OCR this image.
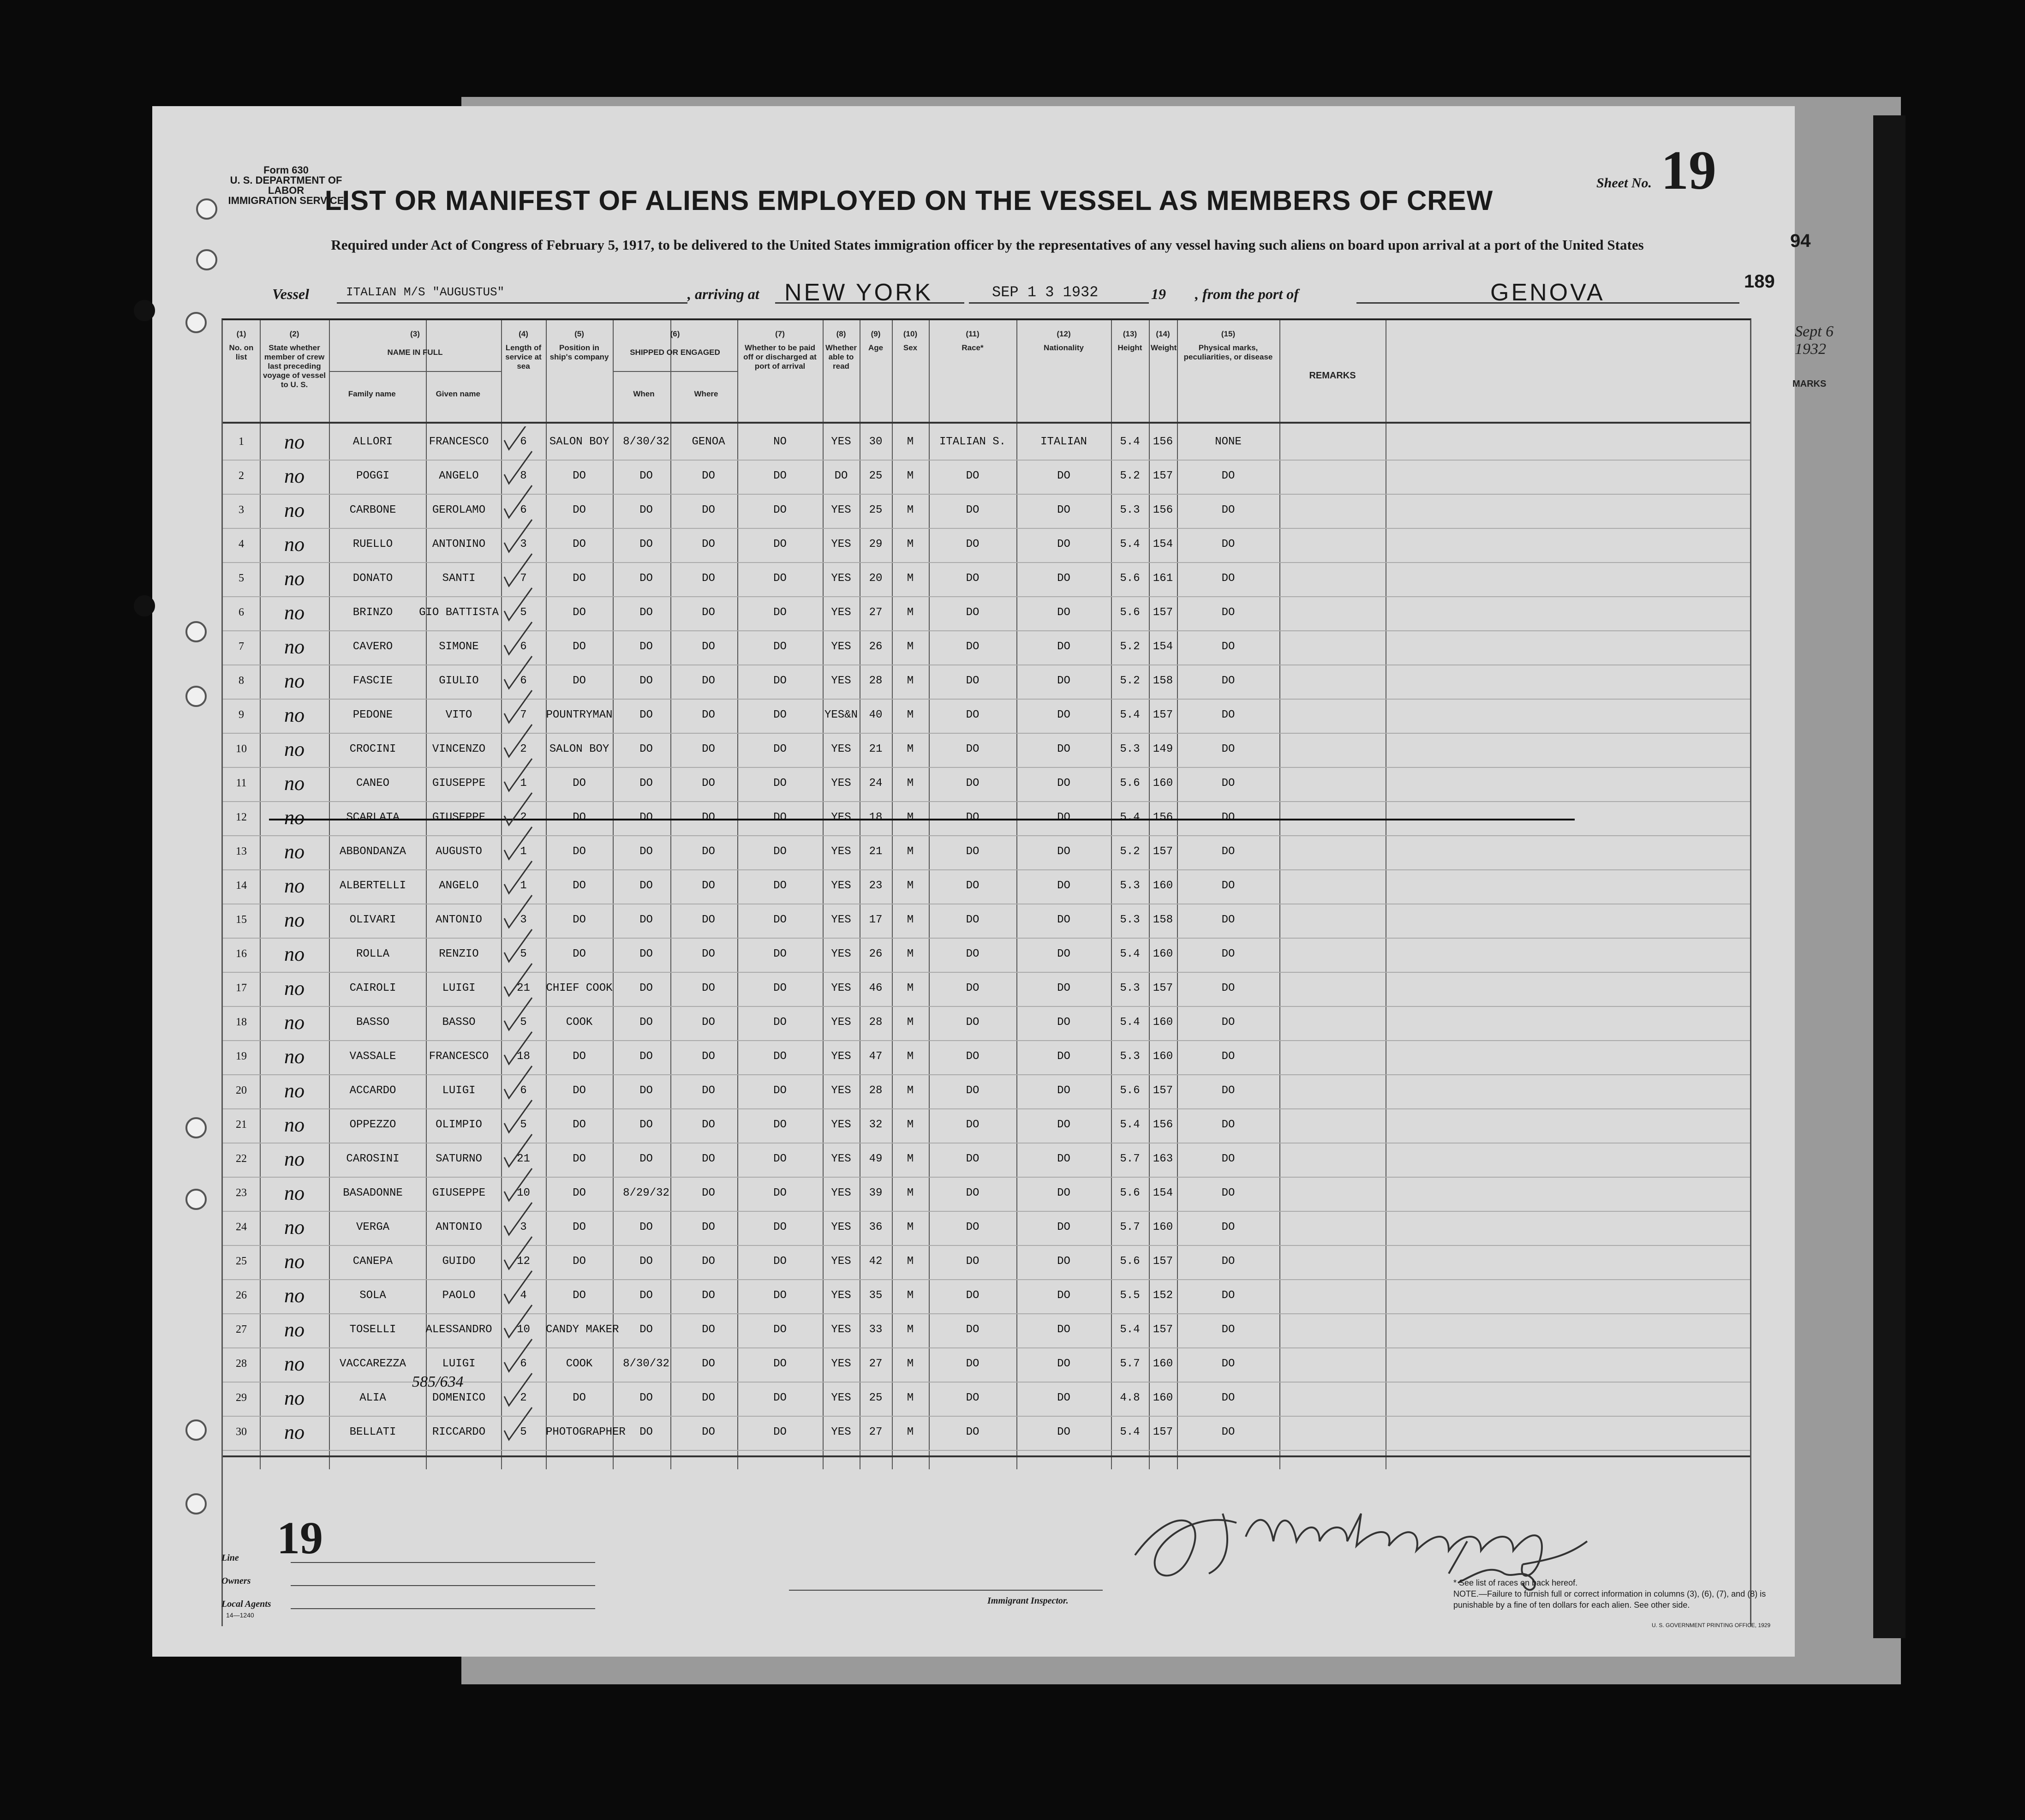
Form 630
U. S. DEPARTMENT OF LABOR
IMMIGRATION SERVICE
Sheet No. 19
LIST OR MANIFEST OF ALIENS EMPLOYED ON THE VESSEL AS MEMBERS OF CREW
Required under Act of Congress of February 5, 1917, to be delivered to the United States immigration officer by the representatives of any vessel having such aliens on board upon arrival at a port of the United States
Vessel	ITALIAN M/S "AUGUSTUS"	, arriving at NEW YORK	SEP 1 3 1932	19 , from the port of	GENOVA
94
189
Sept 6 1932
MARKS
(1)
No. on list
(2)
State whether member of crew last preceding voyage of vessel to U. S.
(3)
NAME IN FULL
Family name	Given name
(4)
Length of service at sea
(5)
Position in ship's company
(6)
SHIPPED OR ENGAGED
When	Where
(7)
Whether to be paid off or discharged at port of arrival
(8)
Whether able to read
(9)
Age
(10)
Sex
(11)
Race*
(12)
Nationality
(13)
Height
(14)
Weight
(15)
Physical marks, peculiarities, or disease
REMARKS
1	no	ALLORI	FRANCESCO	6	SALON BOY	8/30/32	GENOA	NO	YES	30	M	ITALIAN S.	ITALIAN	5.4	156	NONE
2	no	POGGI	ANGELO	8	DO	DO	DO	DO	DO	25	M	DO	DO	5.2	157	DO
3	no	CARBONE	GEROLAMO	6	DO	DO	DO	DO	YES	25	M	DO	DO	5.3	156	DO
4	no	RUELLO	ANTONINO	3	DO	DO	DO	DO	YES	29	M	DO	DO	5.4	154	DO
5	no	DONATO	SANTI	7	DO	DO	DO	DO	YES	20	M	DO	DO	5.6	161	DO
6	no	BRINZO	GIO BATTISTA	5	DO	DO	DO	DO	YES	27	M	DO	DO	5.6	157	DO
7	no	CAVERO	SIMONE	6	DO	DO	DO	DO	YES	26	M	DO	DO	5.2	154	DO
8	no	FASCIE	GIULIO	6	DO	DO	DO	DO	YES	28	M	DO	DO	5.2	158	DO
9	no	PEDONE	VITO	7	POUNTRYMAN	DO	DO	DO	YES&N	40	M	DO	DO	5.4	157	DO
10	no	CROCINI	VINCENZO	2	SALON BOY	DO	DO	DO	YES	21	M	DO	DO	5.3	149	DO
11	no	CANEO	GIUSEPPE	1	DO	DO	DO	DO	YES	24	M	DO	DO	5.6	160	DO
12	no	SCARLATA	GIUSEPPE	2	DO	DO	DO	DO	YES	18	M	DO	DO	5.4	156	DO
13	no	ABBONDANZA	AUGUSTO	1	DO	DO	DO	DO	YES	21	M	DO	DO	5.2	157	DO
14	no	ALBERTELLI	ANGELO	1	DO	DO	DO	DO	YES	23	M	DO	DO	5.3	160	DO
15	no	OLIVARI	ANTONIO	3	DO	DO	DO	DO	YES	17	M	DO	DO	5.3	158	DO
16	no	ROLLA	RENZIO	5	DO	DO	DO	DO	YES	26	M	DO	DO	5.4	160	DO
17	no	CAIROLI	LUIGI	21	CHIEF COOK	DO	DO	DO	YES	46	M	DO	DO	5.3	157	DO
18	no	BASSO	BASSO	5	COOK	DO	DO	DO	YES	28	M	DO	DO	5.4	160	DO
19	no	VASSALE	FRANCESCO	18	DO	DO	DO	DO	YES	47	M	DO	DO	5.3	160	DO
20	no	ACCARDO	LUIGI	6	DO	DO	DO	DO	YES	28	M	DO	DO	5.6	157	DO
21	no	OPPEZZO	OLIMPIO	5	DO	DO	DO	DO	YES	32	M	DO	DO	5.4	156	DO
22	no	CAROSINI	SATURNO	21	DO	DO	DO	DO	YES	49	M	DO	DO	5.7	163	DO
23	no	BASADONNE	GIUSEPPE	10	DO	8/29/32	DO	DO	YES	39	M	DO	DO	5.6	154	DO
24	no	VERGA	ANTONIO	3	DO	DO	DO	DO	YES	36	M	DO	DO	5.7	160	DO
25	no	CANEPA	GUIDO	12	DO	DO	DO	DO	YES	42	M	DO	DO	5.6	157	DO
26	no	SOLA	PAOLO	4	DO	DO	DO	DO	YES	35	M	DO	DO	5.5	152	DO
27	no	TOSELLI	ALESSANDRO	10	CANDY MAKER	DO	DO	DO	YES	33	M	DO	DO	5.4	157	DO
28	no	VACCAREZZA	LUIGI	6	COOK	8/30/32	DO	DO	YES	27	M	DO	DO	5.7	160	DO
29	no	ALIA	DOMENICO	2	DO	DO	DO	DO	YES	25	M	DO	DO	4.8	160	DO
30	no	BELLATI	RICCARDO	5	PHOTOGRAPHER	DO	DO	DO	YES	27	M	DO	DO	5.4	157	DO
585/634
Line 19
Owners
Local Agents
14—1240
Immigrant Inspector.
* See list of races on back hereof.
NOTE.—Failure to furnish full or correct information in columns (3), (6), (7), and (8) is punishable by a fine of ten dollars for each alien. See other side.
U. S. GOVERNMENT PRINTING OFFICE, 1929
